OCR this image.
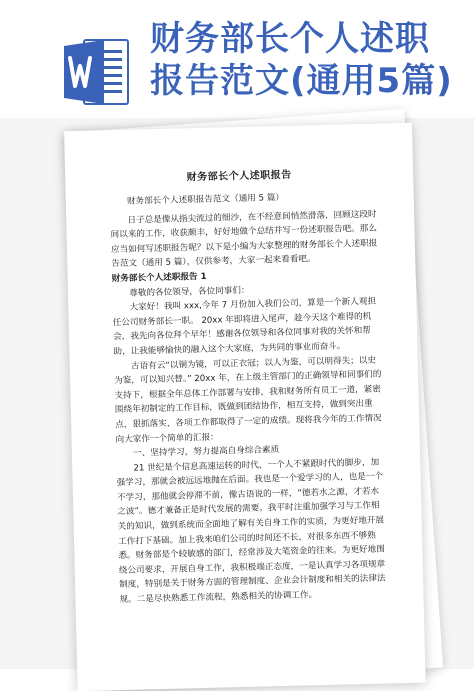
财务部长个人述职
报告范文(通用5篇)
财务部长个人述职报告

财务部长个人述职报告范文（通用 5 篇）

日子总是像从指尖流过的细沙，在不经意间悄然滑落，回顾这段时间以来的工作，收获颇丰，好好地做个总结并写一份述职报告吧。那么应当如何写述职报告呢？以下是小编为大家整理的财务部长个人述职报告范文（通用 5 篇），仅供参考，大家一起来看看吧。

财务部长个人述职报告 1

尊敬的各位领导，各位同事们：

大家好！我叫 xxx,今年 7 月份加入我们公司，算是一个新人观担任公司财务部长一职。 20xx 年即将进入尾声，趁今天这个难得的机会，我先向各位拜个早年！感谢各位领导和各位同事对我的关怀和帮助，让我能够愉快的融入这个大家庭，为共同的事业而奋斗。

古语有云“以铜为镜，可以正衣冠；以人为鉴，可以明得失；以史为鉴，可以知兴替。” 20xx 年，在上级主管部门的正确领导和同事们的支持下，根据全年总体工作部署与安排，我和财务所有员工一道，紧密围绕年初制定的工作目标，既做到团结协作，相互支持，做到突出重点，狠抓落实，各项工作都取得了一定的成绩。现将我今年的工作情况向大家作一个简单的汇报：

一、坚持学习，努力提高自身综合素质

21 世纪是个信息高速运转的时代，一个人不紧跟时代的脚步，加强学习，那就会被远远地抛在后面。我也是一个爱学习的人，也是一个不学习，那他就会停滞不前，像古语说的一样，“德若水之源，才若水之波”。德才兼备正是时代发展的需要。我平时注重加强学习与工作相关的知识，做到系统而全面地了解有关自身工作的实质，为更好地开展工作打下基础。加上我来咱们公司的时间还不长，对很多东西不够熟悉。财务部是个较敏感的部门，经常涉及大笔资金的往来。为更好地围绕公司要求，开展自身工作，我积极端正态度，一是认真学习各项规章制度，特别是关于财务方面的管理制度、企业会计制度和相关的法律法规。二是尽快熟悉工作流程，熟悉相关的协调工作。
